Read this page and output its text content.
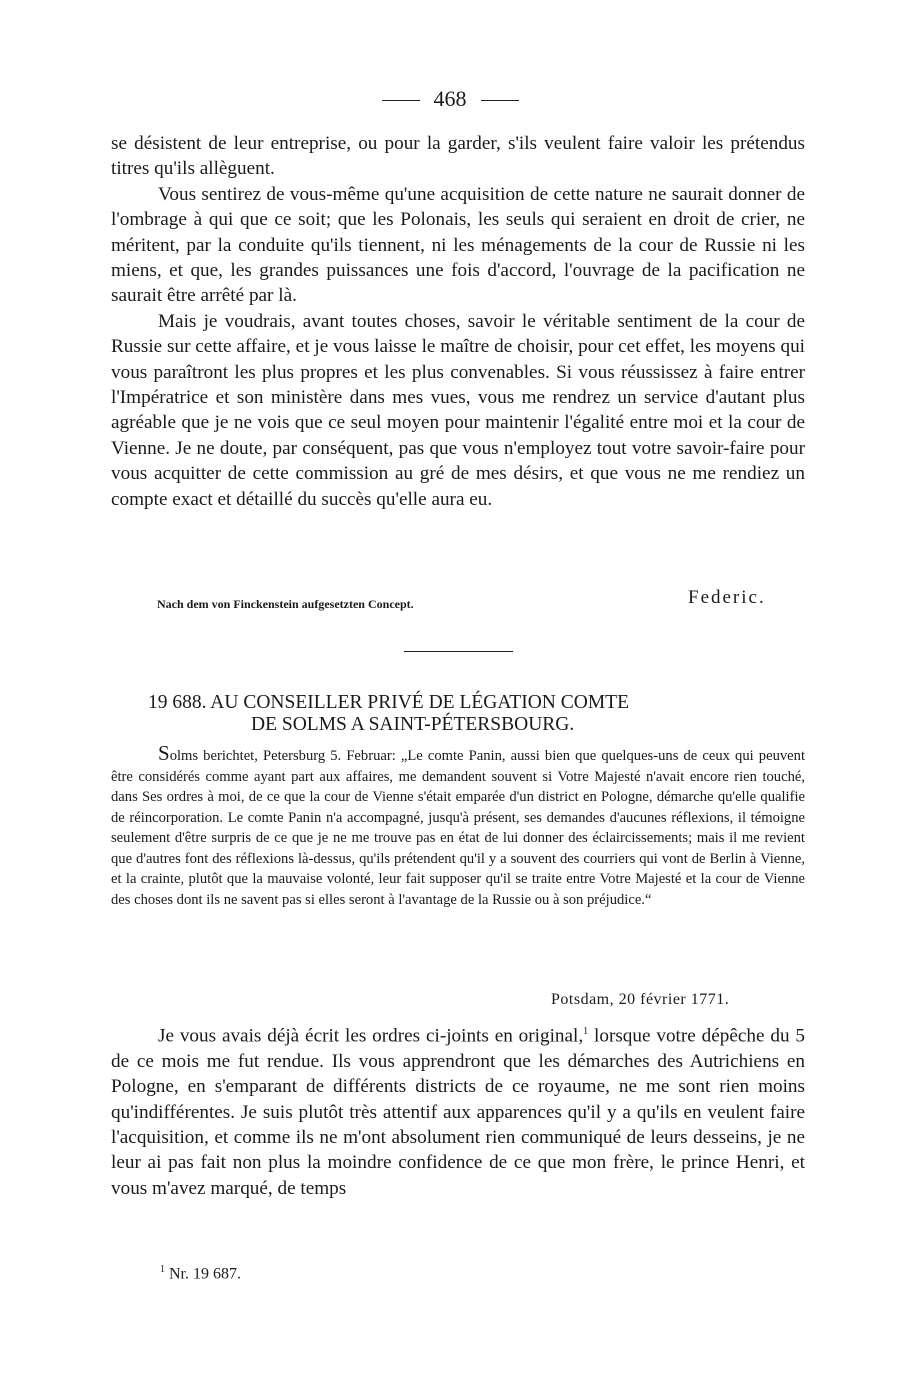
468

se désistent de leur entreprise, ou pour la garder, s'ils veulent faire valoir les prétendus titres qu'ils allèguent.

Vous sentirez de vous-même qu'une acquisition de cette nature ne saurait donner de l'ombrage à qui que ce soit; que les Polonais, les seuls qui seraient en droit de crier, ne méritent, par la conduite qu'ils tiennent, ni les ménagements de la cour de Russie ni les miens, et que, les grandes puissances une fois d'accord, l'ouvrage de la pacification ne saurait être arrêté par là.

Mais je voudrais, avant toutes choses, savoir le véritable sentiment de la cour de Russie sur cette affaire, et je vous laisse le maître de choisir, pour cet effet, les moyens qui vous paraîtront les plus propres et les plus convenables. Si vous réussissez à faire entrer l'Impératrice et son ministère dans mes vues, vous me rendrez un service d'autant plus agréable que je ne vois que ce seul moyen pour maintenir l'égalité entre moi et la cour de Vienne. Je ne doute, par conséquent, pas que vous n'employez tout votre savoir-faire pour vous acquitter de cette commission au gré de mes désirs, et que vous ne me rendiez un compte exact et détaillé du succès qu'elle aura eu.

Nach dem von Finckenstein aufgesetzten Concept.	Federic.
19 688. AU CONSEILLER PRIVÉ DE LÉGATION COMTE
DE SOLMS A SAINT-PÉTERSBOURG.

Solms berichtet, Petersburg 5. Februar: „Le comte Panin, aussi bien que quelques-uns de ceux qui peuvent être considérés comme ayant part aux affaires, me demandent souvent si Votre Majesté n'avait encore rien touché, dans Ses ordres à moi, de ce que la cour de Vienne s'était emparée d'un district en Pologne, démarche qu'elle qualifie de réincorporation. Le comte Panin n'a accompagné, jusqu'à présent, ses demandes d'aucunes réflexions, il témoigne seulement d'être surpris de ce que je ne me trouve pas en état de lui donner des éclaircissements; mais il me revient que d'autres font des réflexions là-dessus, qu'ils prétendent qu'il y a souvent des courriers qui vont de Berlin à Vienne, et la crainte, plutôt que la mauvaise volonté, leur fait supposer qu'il se traite entre Votre Majesté et la cour de Vienne des choses dont ils ne savent pas si elles seront à l'avantage de la Russie ou à son préjudice.“

Potsdam, 20 février 1771.

Je vous avais déjà écrit les ordres ci-joints en original,$^1$ lorsque votre dépêche du 5 de ce mois me fut rendue. Ils vous apprendront que les démarches des Autrichiens en Pologne, en s'emparant de différents districts de ce royaume, ne me sont rien moins qu'indifférentes. Je suis plutôt très attentif aux apparences qu'il y a qu'ils en veulent faire l'acquisition, et comme ils ne m'ont absolument rien communiqué de leurs desseins, je ne leur ai pas fait non plus la moindre confidence de ce que mon frère, le prince Henri, et vous m'avez marqué, de temps

$^1$ Nr. 19 687.
